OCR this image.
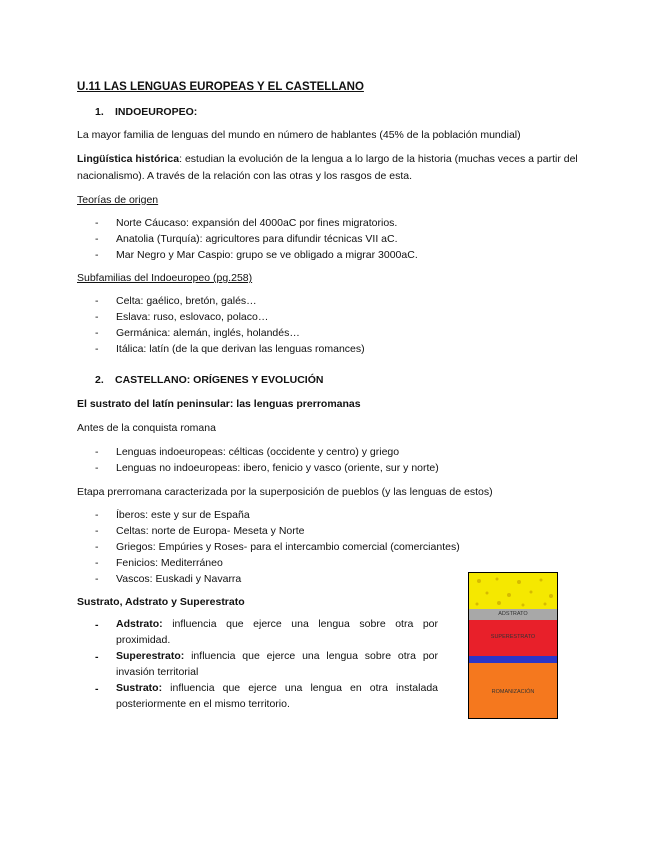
U.11 LAS LENGUAS EUROPEAS Y EL CASTELLANO
1. INDOEUROPEO:
La mayor familia de lenguas del mundo en número de hablantes (45% de la población mundial)
Lingüística histórica: estudian la evolución de la lengua a lo largo de la historia (muchas veces a partir del nacionalismo). A través de la relación con las otras y los rasgos de esta.
Teorías de origen
- Norte Cáucaso: expansión del 4000aC por fines migratorios.
- Anatolia (Turquía): agricultores para difundir técnicas VII aC.
- Mar Negro y Mar Caspio: grupo se ve obligado a migrar 3000aC.
Subfamilias del Indoeuropeo (pg.258)
- Celta: gaélico, bretón, galés…
- Eslava: ruso, eslovaco, polaco…
- Germánica: alemán, inglés, holandés…
- Itálica: latín (de la que derivan las lenguas romances)
2. CASTELLANO: ORÍGENES Y EVOLUCIÓN
El sustrato del latín peninsular: las lenguas prerromanas
Antes de la conquista romana
- Lenguas indoeuropeas: célticas (occidente y centro) y griego
- Lenguas no indoeuropeas: ibero, fenicio y vasco (oriente, sur y norte)
Etapa prerromana caracterizada por la superposición de pueblos (y las lenguas de estos)
- Íberos: este y sur de España
- Celtas: norte de Europa- Meseta y Norte
- Griegos: Empúries y Roses- para el intercambio comercial (comerciantes)
- Fenicios: Mediterráneo
- Vascos: Euskadi y Navarra
Sustrato, Adstrato y Superestrato
- Adstrato: influencia que ejerce una lengua sobre otra por proximidad.
- Superestrato: influencia que ejerce una lengua sobre otra por invasión territorial
- Sustrato: influencia que ejerce una lengua en otra instalada posteriormente en el mismo territorio.
ADSTRATO
SUPERESTRATO
ROMANIZACIÓN
